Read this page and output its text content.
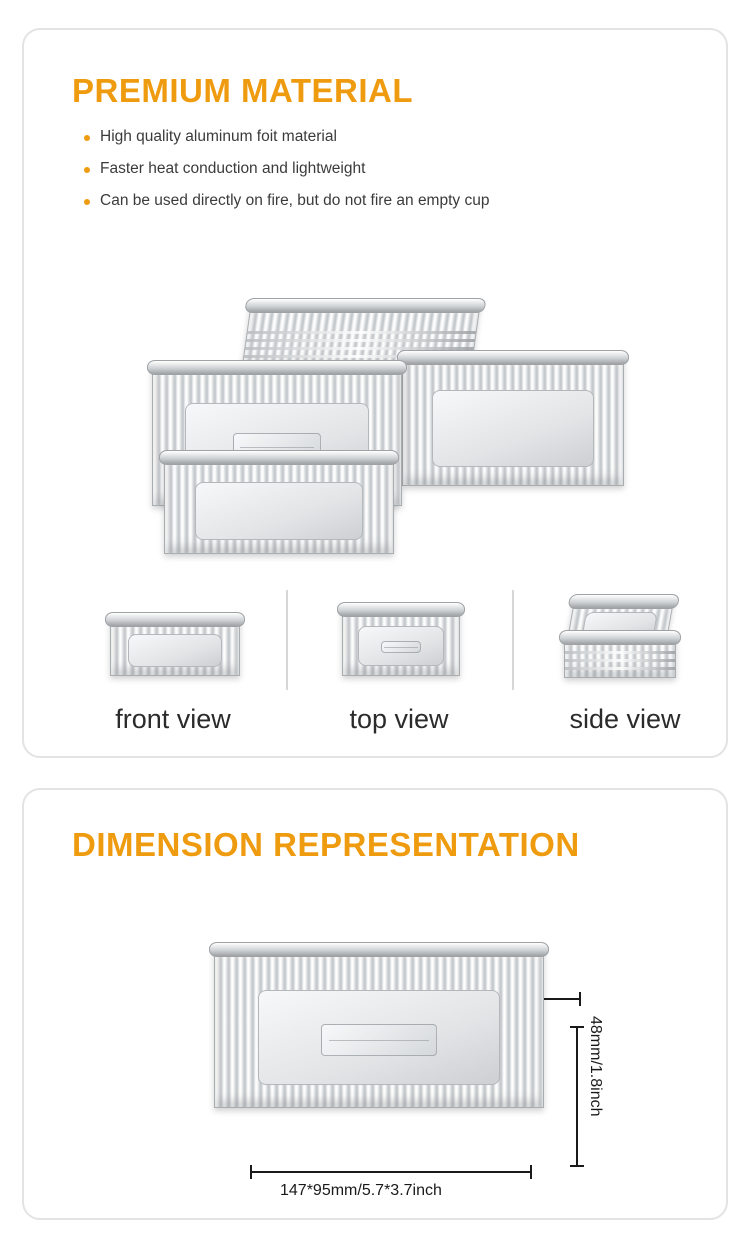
PREMIUM MATERIAL
High quality aluminum foit material
Faster heat conduction and lightweight
Can be used directly on fire, but do not fire an empty cup
front view	top view	side view
DIMENSION REPRESENTATION
48mm/1.8inch
147*95mm/5.7*3.7inch
